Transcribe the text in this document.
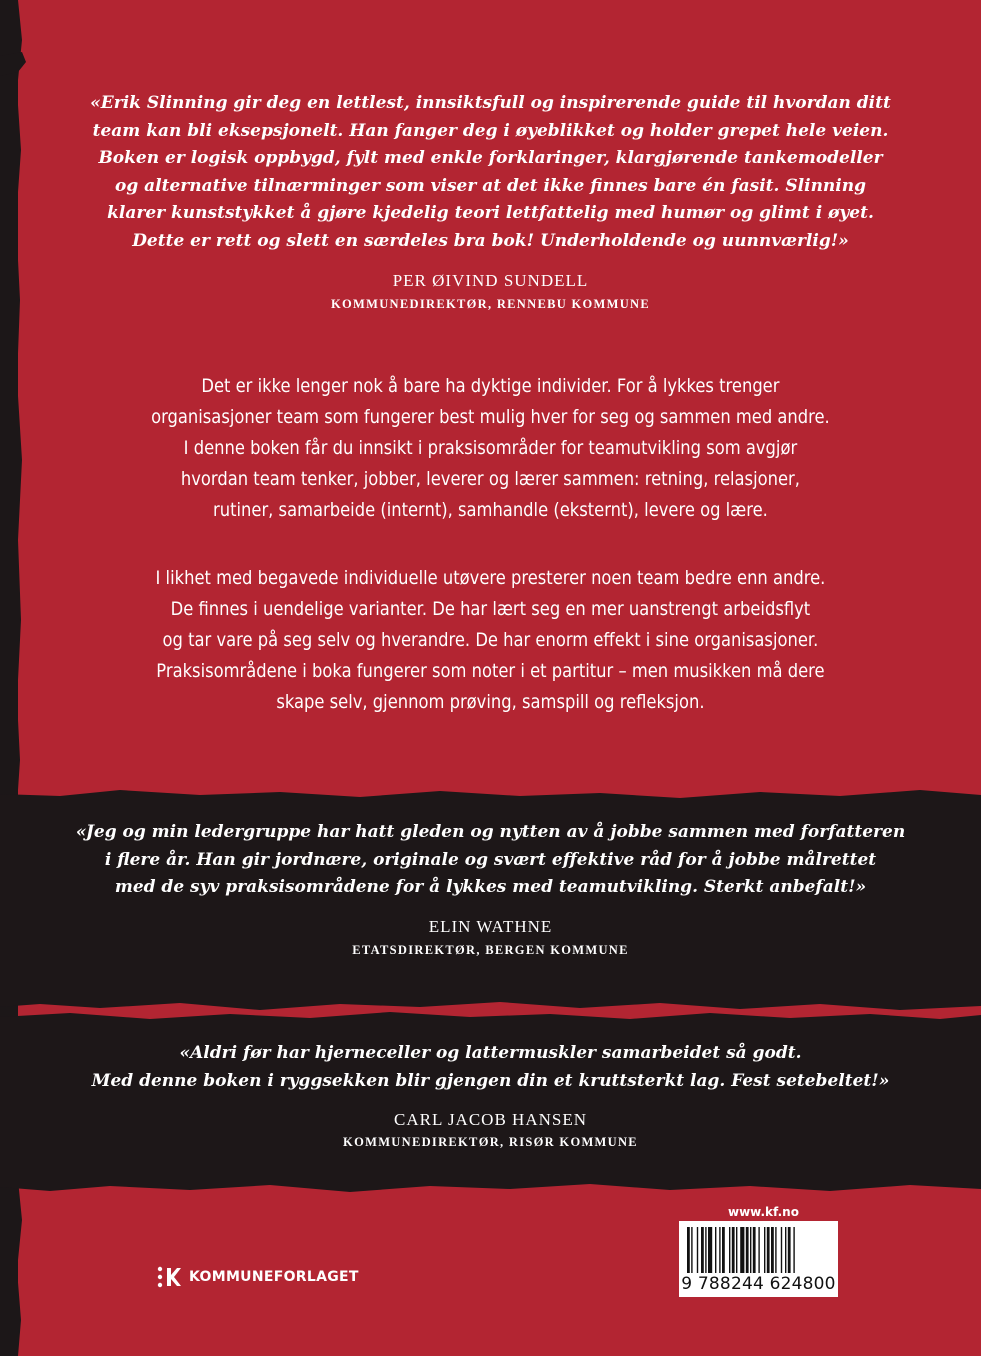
«Erik Slinning gir deg en lettlest, innsiktsfull og inspirerende guide til hvordan ditt
team kan bli eksepsjonelt. Han fanger deg i øyeblikket og holder grepet hele veien.
Boken er logisk oppbygd, fylt med enkle forklaringer, klargjørende tankemodeller
og alternative tilnærminger som viser at det ikke finnes bare én fasit. Slinning
klarer kunststykket å gjøre kjedelig teori lettfattelig med humør og glimt i øyet.
Dette er rett og slett en særdeles bra bok! Underholdende og uunnværlig!»
PER ØIVIND SUNDELL
KOMMUNEDIREKTØR, RENNEBU KOMMUNE
Det er ikke lenger nok å bare ha dyktige individer. For å lykkes trenger
organisasjoner team som fungerer best mulig hver for seg og sammen med andre.
I denne boken får du innsikt i praksisområder for teamutvikling som avgjør
hvordan team tenker, jobber, leverer og lærer sammen: retning, relasjoner,
rutiner, samarbeide (internt), samhandle (eksternt), levere og lære.
I likhet med begavede individuelle utøvere presterer noen team bedre enn andre.
De finnes i uendelige varianter. De har lært seg en mer uanstrengt arbeidsflyt
og tar vare på seg selv og hverandre. De har enorm effekt i sine organisasjoner.
Praksisområdene i boka fungerer som noter i et partitur – men musikken må dere
skape selv, gjennom prøving, samspill og refleksjon.
«Jeg og min ledergruppe har hatt gleden og nytten av å jobbe sammen med forfatteren
i flere år. Han gir jordnære, originale og svært effektive råd for å jobbe målrettet
med de syv praksisområdene for å lykkes med teamutvikling. Sterkt anbefalt!»
ELIN WATHNE
ETATSDIREKTØR, BERGEN KOMMUNE
«Aldri før har hjerneceller og lattermuskler samarbeidet så godt.
Med denne boken i ryggsekken blir gjengen din et kruttsterkt lag. Fest setebeltet!»
CARL JACOB HANSEN
KOMMUNEDIREKTØR, RISØR KOMMUNE
KOMMUNEFORLAGET
www.kf.no
9 788244 624800
